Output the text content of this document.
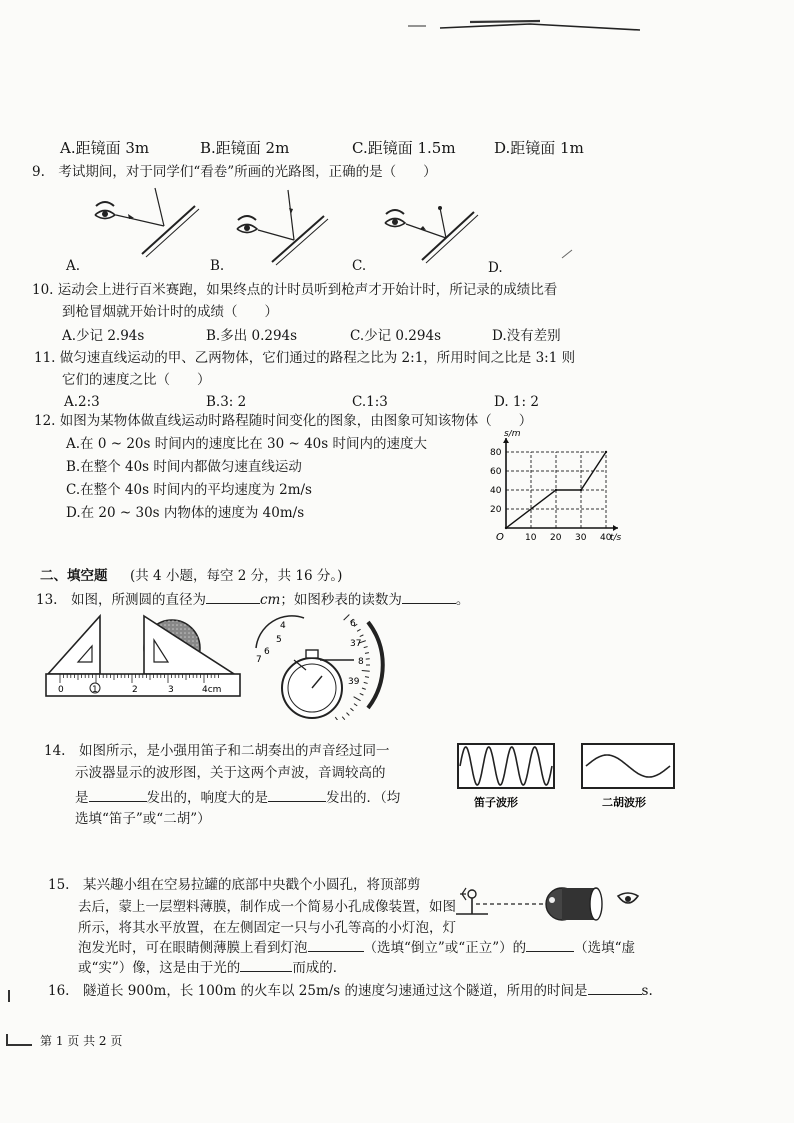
A.距镜面 3m	B.距镜面 2m	C.距镜面 1.5m	D.距镜面 1m
9.　考试期间，对于同学们“看卷”所画的光路图，正确的是（　　）
A.	B.	C.	D.
10. 运动会上进行百米赛跑，如果终点的计时员听到枪声才开始计时，所记录的成绩比看
到枪冒烟就开始计时的成绩（　　）
A.少记 2.94s	B.多出 0.294s	C.少记 0.294s	D.没有差别
11. 做匀速直线运动的甲、乙两物体，它们通过的路程之比为 2:1，所用时间之比是 3:1 则
它们的速度之比（　　）
A.2:3	B.3: 2	C.1:3	D. 1: 2
12. 如图为某物体做直线运动时路程随时间变化的图象，由图象可知该物体（　　）
A.在 0 ~ 20s 时间内的速度比在 30 ~ 40s 时间内的速度大
B.在整个 40s 时间内都做匀速直线运动
C.在整个 40s 时间内的平均速度为 2m/s
D.在 20 ~ 30s 内物体的速度为 40m/s
10 20 30 40
20
40
60
80
O	t/s
s/m
二、填空题 (共 4 小题，每空 2 分，共 16 分。)
13.　如图，所测圆的直径为	cm；如图秒表的读数为	。
0	1	2	3	4cm
4
5
6
7
6
37
8
39
14.　如图所示，是小强用笛子和二胡奏出的声音经过同一
示波器显示的波形图，关于这两个声波，音调较高的
是	发出的，响度大的是	发出的．（均
选填“笛子”或“二胡”）
笛子波形	二胡波形
15.　某兴趣小组在空易拉罐的底部中央戳个小圆孔，将顶部剪
去后，蒙上一层塑料薄膜，制作成一个简易小孔成像装置，如图
所示，将其水平放置，在左侧固定一只与小孔等高的小灯泡，灯
泡发光时，可在眼睛侧薄膜上看到灯泡	（选填“倒立”或“正立”）的	（选填“虚
或“实”）像，这是由于光的	而成的．
16.　隧道长 900m，长 100m 的火车以 25m/s 的速度匀速通过这个隧道，所用的时间是	s.
第 1 页 共 2 页
